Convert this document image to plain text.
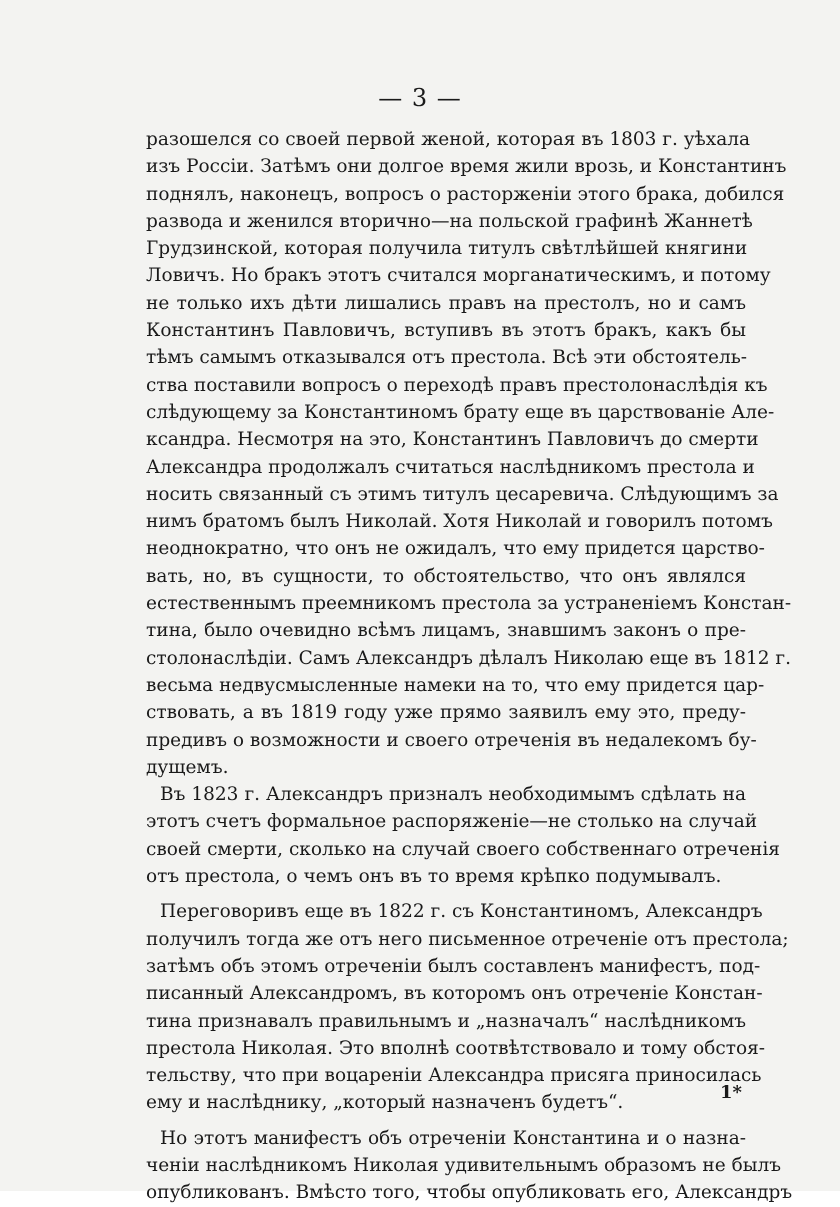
— 3 —
разошелся со своей первой женой, которая въ 1803 г. уѣхала
изъ Россіи. Затѣмъ они долгое время жили врозь, и Константинъ
поднялъ, наконецъ, вопросъ о расторженіи этого брака, добился
развода и женился вторично—на польской графинѣ Жаннетѣ
Грудзинской, которая получила титулъ свѣтлѣйшей княгини
Ловичъ. Но бракъ этотъ считался морганатическимъ, и потому
не только ихъ дѣти лишались правъ на престолъ, но и самъ
Константинъ Павловичъ, вступивъ въ этотъ бракъ, какъ бы
тѣмъ самымъ отказывался отъ престола. Всѣ эти обстоятель-
ства поставили вопросъ о переходѣ правъ престолонаслѣдія къ
слѣдующему за Константиномъ брату еще въ царствованіе Але-
ксандра. Несмотря на это, Константинъ Павловичъ до смерти
Александра продолжалъ считаться наслѣдникомъ престола и
носить связанный съ этимъ титулъ цесаревича. Слѣдующимъ за
нимъ братомъ былъ Николай. Хотя Николай и говорилъ потомъ
неоднократно, что онъ не ожидалъ, что ему придется царство-
вать, но, въ сущности, то обстоятельство, что онъ являлся
естественнымъ преемникомъ престола за устраненіемъ Констан-
тина, было очевидно всѣмъ лицамъ, знавшимъ законъ о пре-
столонаслѣдіи. Самъ Александръ дѣлалъ Николаю еще въ 1812 г.
весьма недвусмысленные намеки на то, что ему придется цар-
ствовать, а въ 1819 году уже прямо заявилъ ему это, преду-
предивъ о возможности и своего отреченія въ недалекомъ бу-
дущемъ.
Въ 1823 г. Александръ призналъ необходимымъ сдѣлать на
этотъ счетъ формальное распоряженіе—не столько на случай
своей смерти, сколько на случай своего собственнаго отреченія
отъ престола, о чемъ онъ въ то время крѣпко подумывалъ.
Переговоривъ еще въ 1822 г. съ Константиномъ, Александръ
получилъ тогда же отъ него письменное отреченіе отъ престола;
затѣмъ объ этомъ отреченіи былъ составленъ манифестъ, под-
писанный Александромъ, въ которомъ онъ отреченіе Констан-
тина признавалъ правильнымъ и „назначалъ“ наслѣдникомъ
престола Николая. Это вполнѣ соотвѣтствовало и тому обстоя-
тельству, что при воцареніи Александра присяга приносилась
ему и наслѣднику, „который назначенъ будетъ“.
Но этотъ манифестъ объ отреченіи Константина и о назна-
ченіи наслѣдникомъ Николая удивительнымъ образомъ не былъ
опубликованъ. Вмѣсто того, чтобы опубликовать его, Александръ
1*
